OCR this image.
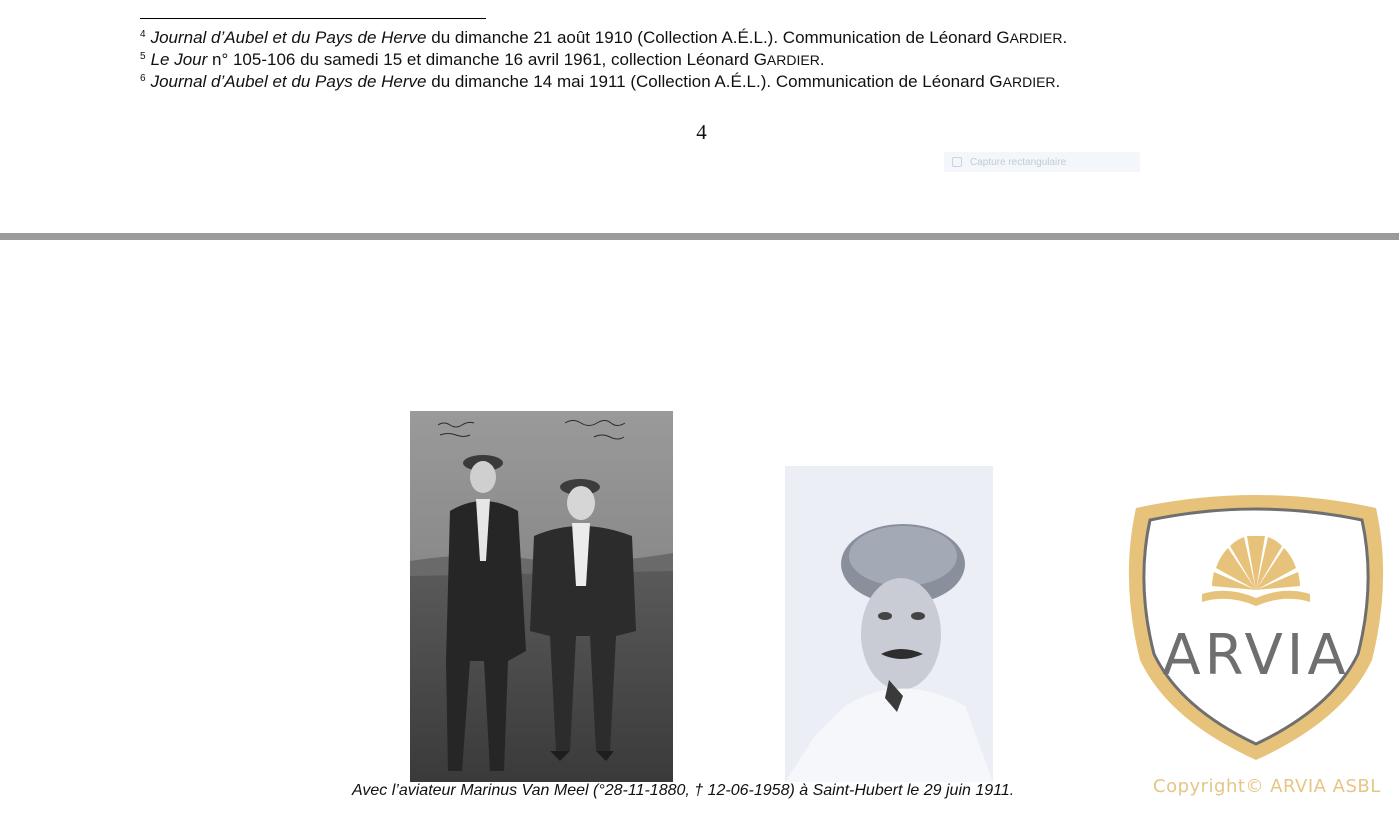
$^4$ Journal d’Aubel et du Pays de Herve du dimanche 21 août 1910 (Collection A.É.L.). Communication de Léonard GARDIER.
$^5$ Le Jour n° 105-106 du samedi 15 et dimanche 16 avril 1961, collection Léonard GARDIER.
$^6$ Journal d’Aubel et du Pays de Herve du dimanche 14 mai 1911 (Collection A.É.L.). Communication de Léonard GARDIER.
4
Capture rectangulaire
Avec l’aviateur Marinus Van Meel (°28-11-1880, † 12-06-1958) à Saint-Hubert le 29 juin 1911.
ARVIA
Copyright© ARVIA ASBL
